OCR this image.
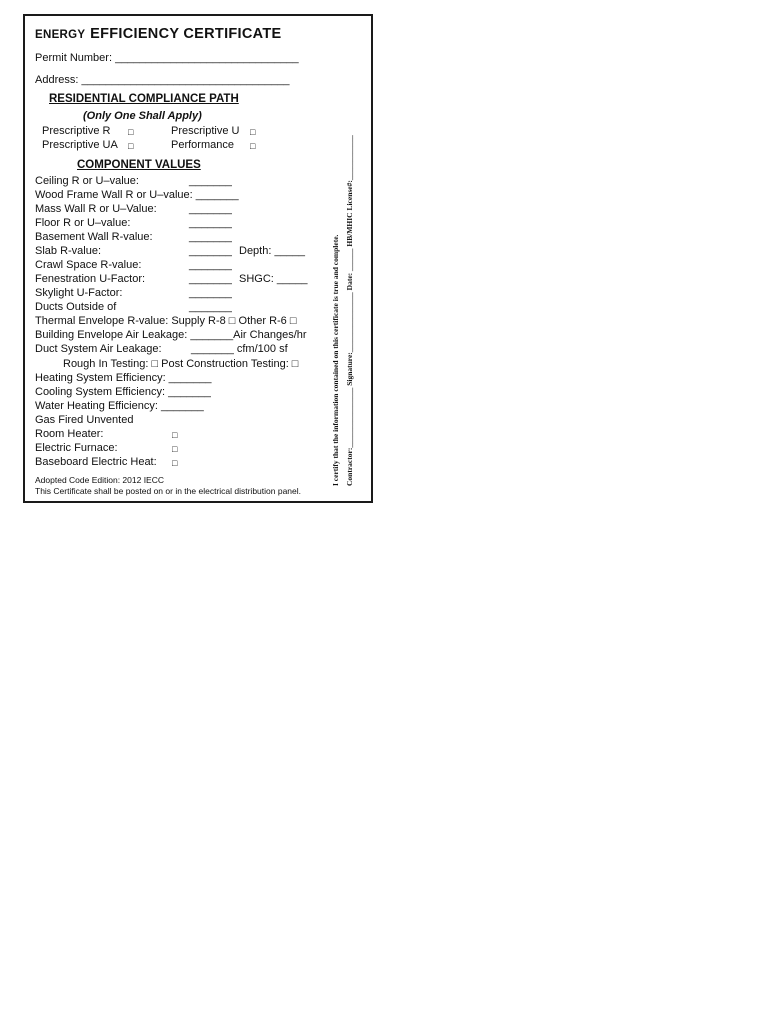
ENERGY EFFICIENCY CERTIFICATE
Permit Number: ______________________________
Address: __________________________________
RESIDENTIAL COMPLIANCE PATH
(Only One Shall Apply)
Prescriptive R □	Prescriptive U □
Prescriptive UA □	Performance □
COMPONENT VALUES
Ceiling R or U–value:	_______
Wood Frame Wall R or U–value: _______
Mass Wall R or U–Value:	_______
Floor R or U–value:	_______
Basement Wall R-value:	_______
Slab R-value:	_______ Depth: _____
Crawl Space R-value:	_______
Fenestration U-Factor:	_______ SHGC: _____
Skylight U-Factor:	_______
Ducts Outside of	_______
Thermal Envelope R-value: Supply R-8 □ Other R-6 □
Building Envelope Air Leakage: _______Air Changes/hr
Duct System Air Leakage:	_______ cfm/100 sf
Rough In Testing: □ Post Construction Testing: □
Heating System Efficiency: _______
Cooling System Efficiency: _______
Water Heating Efficiency: _______
Gas Fired Unvented
Room Heater:	□
Electric Furnace:	□
Baseboard Electric Heat: □
Adopted Code Edition: 2012 IECC
This Certificate shall be posted on or in the electrical distribution panel.
I certify that the information contained on this certificate is true and complete. Contractor:________________ Signature:________________ Date: ______ HB/MHIC License#:____________
